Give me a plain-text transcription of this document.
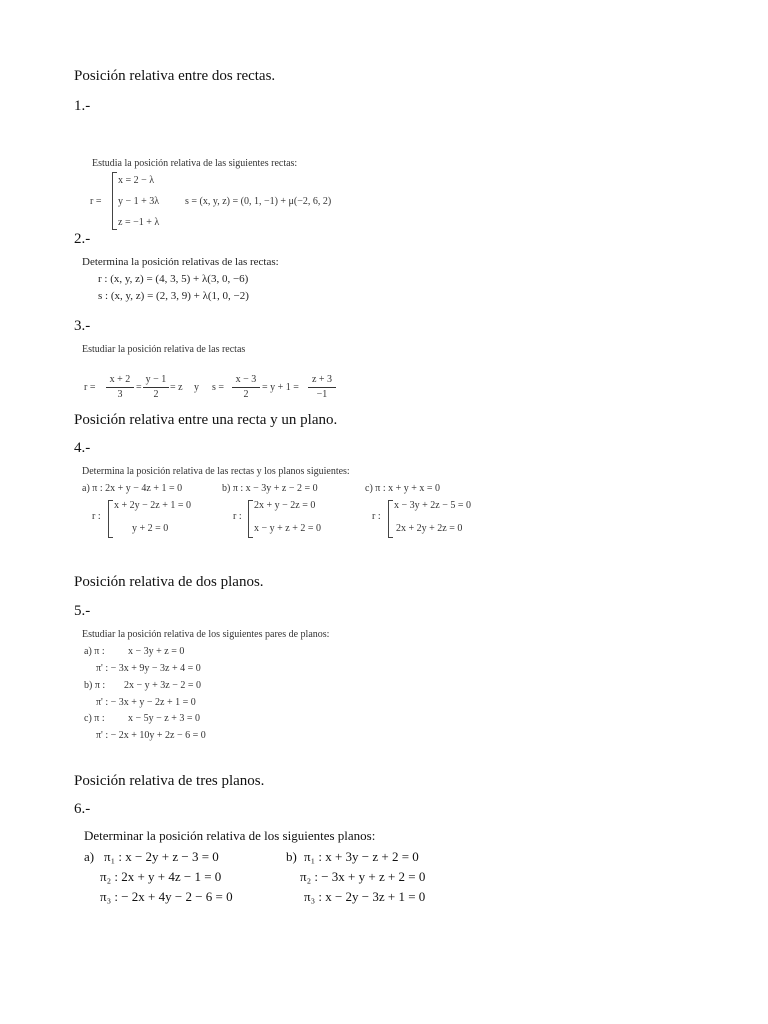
Posición relativa entre dos rectas.
1.-
Estudia la posición relativa de las siguientes rectas:
r =
x = 2 − λ
y − 1 + 3λ
z = −1 + λ
s = (x, y, z) = (0, 1, −1) + μ(−2, 6, 2)
2.-
Determina la posición relativas de las rectas:
r : (x, y, z) = (4, 3, 5) + λ(3, 0, −6)
s : (x, y, z) = (2, 3, 9) + λ(1, 0, −2)
3.-
Estudiar la posición relativa de las rectas
r =
x + 2
3
=
y − 1
2
= z y s =
x − 3
2
= y + 1 =
z + 3
−1
Posición relativa entre una recta y un plano.
4.-
Determina la posición relativa de las rectas y los planos siguientes:
a) π : 2x + y − 4z + 1 = 0	b) π : x − 3y + z − 2 = 0	c) π : x + y + x = 0
r :
x + 2y − 2z + 1 = 0
y + 2 = 0
r :
2x + y − 2z = 0
x − y + z + 2 = 0
r :
x − 3y + 2z − 5 = 0
2x + 2y + 2z = 0
Posición relativa de dos planos.
5.-
Estudiar la posición relativa de los siguientes pares de planos:
a) π : x − 3y + z = 0
π' : − 3x + 9y − 3z + 4 = 0
b) π : 2x − y + 3z − 2 = 0
π' : − 3x + y − 2z + 1 = 0
c) π : x − 5y − z + 3 = 0
π' : − 2x + 10y + 2z − 6 = 0
Posición relativa de tres planos.
6.-
Determinar la posición relativa de los siguientes planos:
a) π₁ : x − 2y + z − 3 = 0
π₂ : 2x + y + 4z − 1 = 0
π₃ : − 2x + 4y − 2 − 6 = 0
b) π₁ : x + 3y − z + 2 = 0
π₂ : − 3x + y + z + 2 = 0
π₃ : x − 2y − 3z + 1 = 0
